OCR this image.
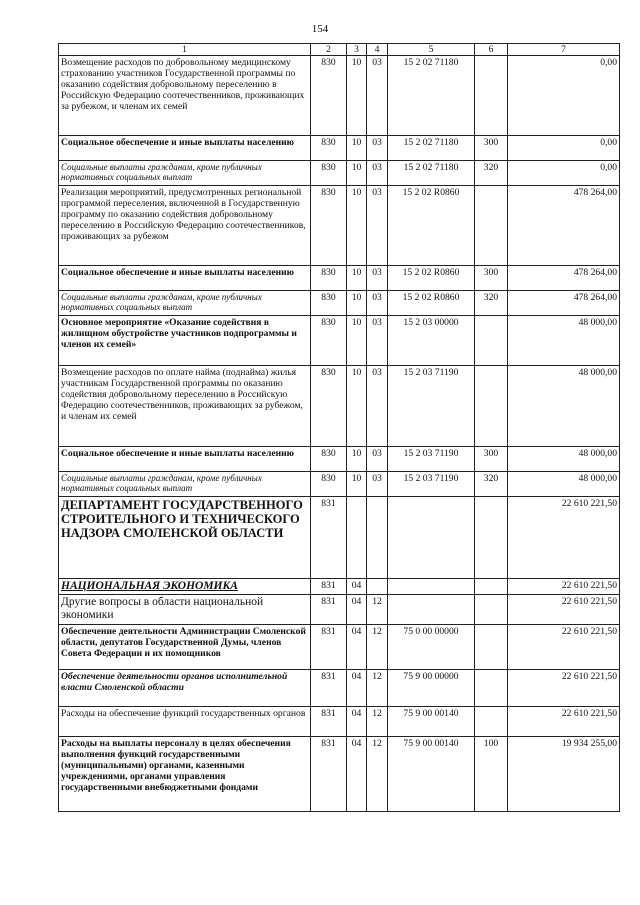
154
1	2	3	4	5	6	7
Возмещение расходов по добровольному медицинскому страхованию участников Государственной программы по оказанию содействия добровольному переселению в Российскую Федерацию соотечественников, проживающих за рубежом, и членам их семей	830	10	03	15 2 02 71180		0,00
Социальное обеспечение и иные выплаты населению	830	10	03	15 2 02 71180	300	0,00
Социальные выплаты гражданам, кроме публичных нормативных социальных выплат	830	10	03	15 2 02 71180	320	0,00
Реализация мероприятий, предусмотренных региональной программой переселения, включенной в Государственную программу по оказанию содействия добровольному переселению в Российскую Федерацию соотечественников, проживающих за рубежом	830	10	03	15 2 02 R0860		478 264,00
Социальное обеспечение и иные выплаты населению	830	10	03	15 2 02 R0860	300	478 264,00
Социальные выплаты гражданам, кроме публичных нормативных социальных выплат	830	10	03	15 2 02 R0860	320	478 264,00
Основное мероприятие «Оказание содействия в жилищном обустройстве участников подпрограммы и членов их семей»	830	10	03	15 2 03 00000		48 000,00
Возмещение расходов по оплате найма (поднайма) жилья участникам Государственной программы по оказанию содействия добровольному переселению в Российскую Федерацию соотечественников, проживающих за рубежом, и членам их семей	830	10	03	15 2 03 71190		48 000,00
Социальное обеспечение и иные выплаты населению	830	10	03	15 2 03 71190	300	48 000,00
Социальные выплаты гражданам, кроме публичных нормативных социальных выплат	830	10	03	15 2 03 71190	320	48 000,00
ДЕПАРТАМЕНТ ГОСУДАРСТВЕННОГО СТРОИТЕЛЬНОГО И ТЕХНИЧЕСКОГО НАДЗОРА СМОЛЕНСКОЙ ОБЛАСТИ	831					22 610 221,50
НАЦИОНАЛЬНАЯ ЭКОНОМИКА	831	04				22 610 221,50
Другие вопросы в области национальной экономики	831	04	12			22 610 221,50
Обеспечение деятельности Администрации Смоленской области, депутатов Государственной Думы, членов Совета Федерации и их помощников	831	04	12	75 0 00 00000		22 610 221,50
Обеспечение деятельности органов исполнительной власти Смоленской области	831	04	12	75 9 00 00000		22 610 221,50
Расходы на обеспечение функций государственных органов	831	04	12	75 9 00 00140		22 610 221,50
Расходы на выплаты персоналу в целях обеспечения выполнения функций государственными (муниципальными) органами, казенными учреждениями, органами управления государственными внебюджетными фондами	831	04	12	75 9 00 00140	100	19 934 255,00
